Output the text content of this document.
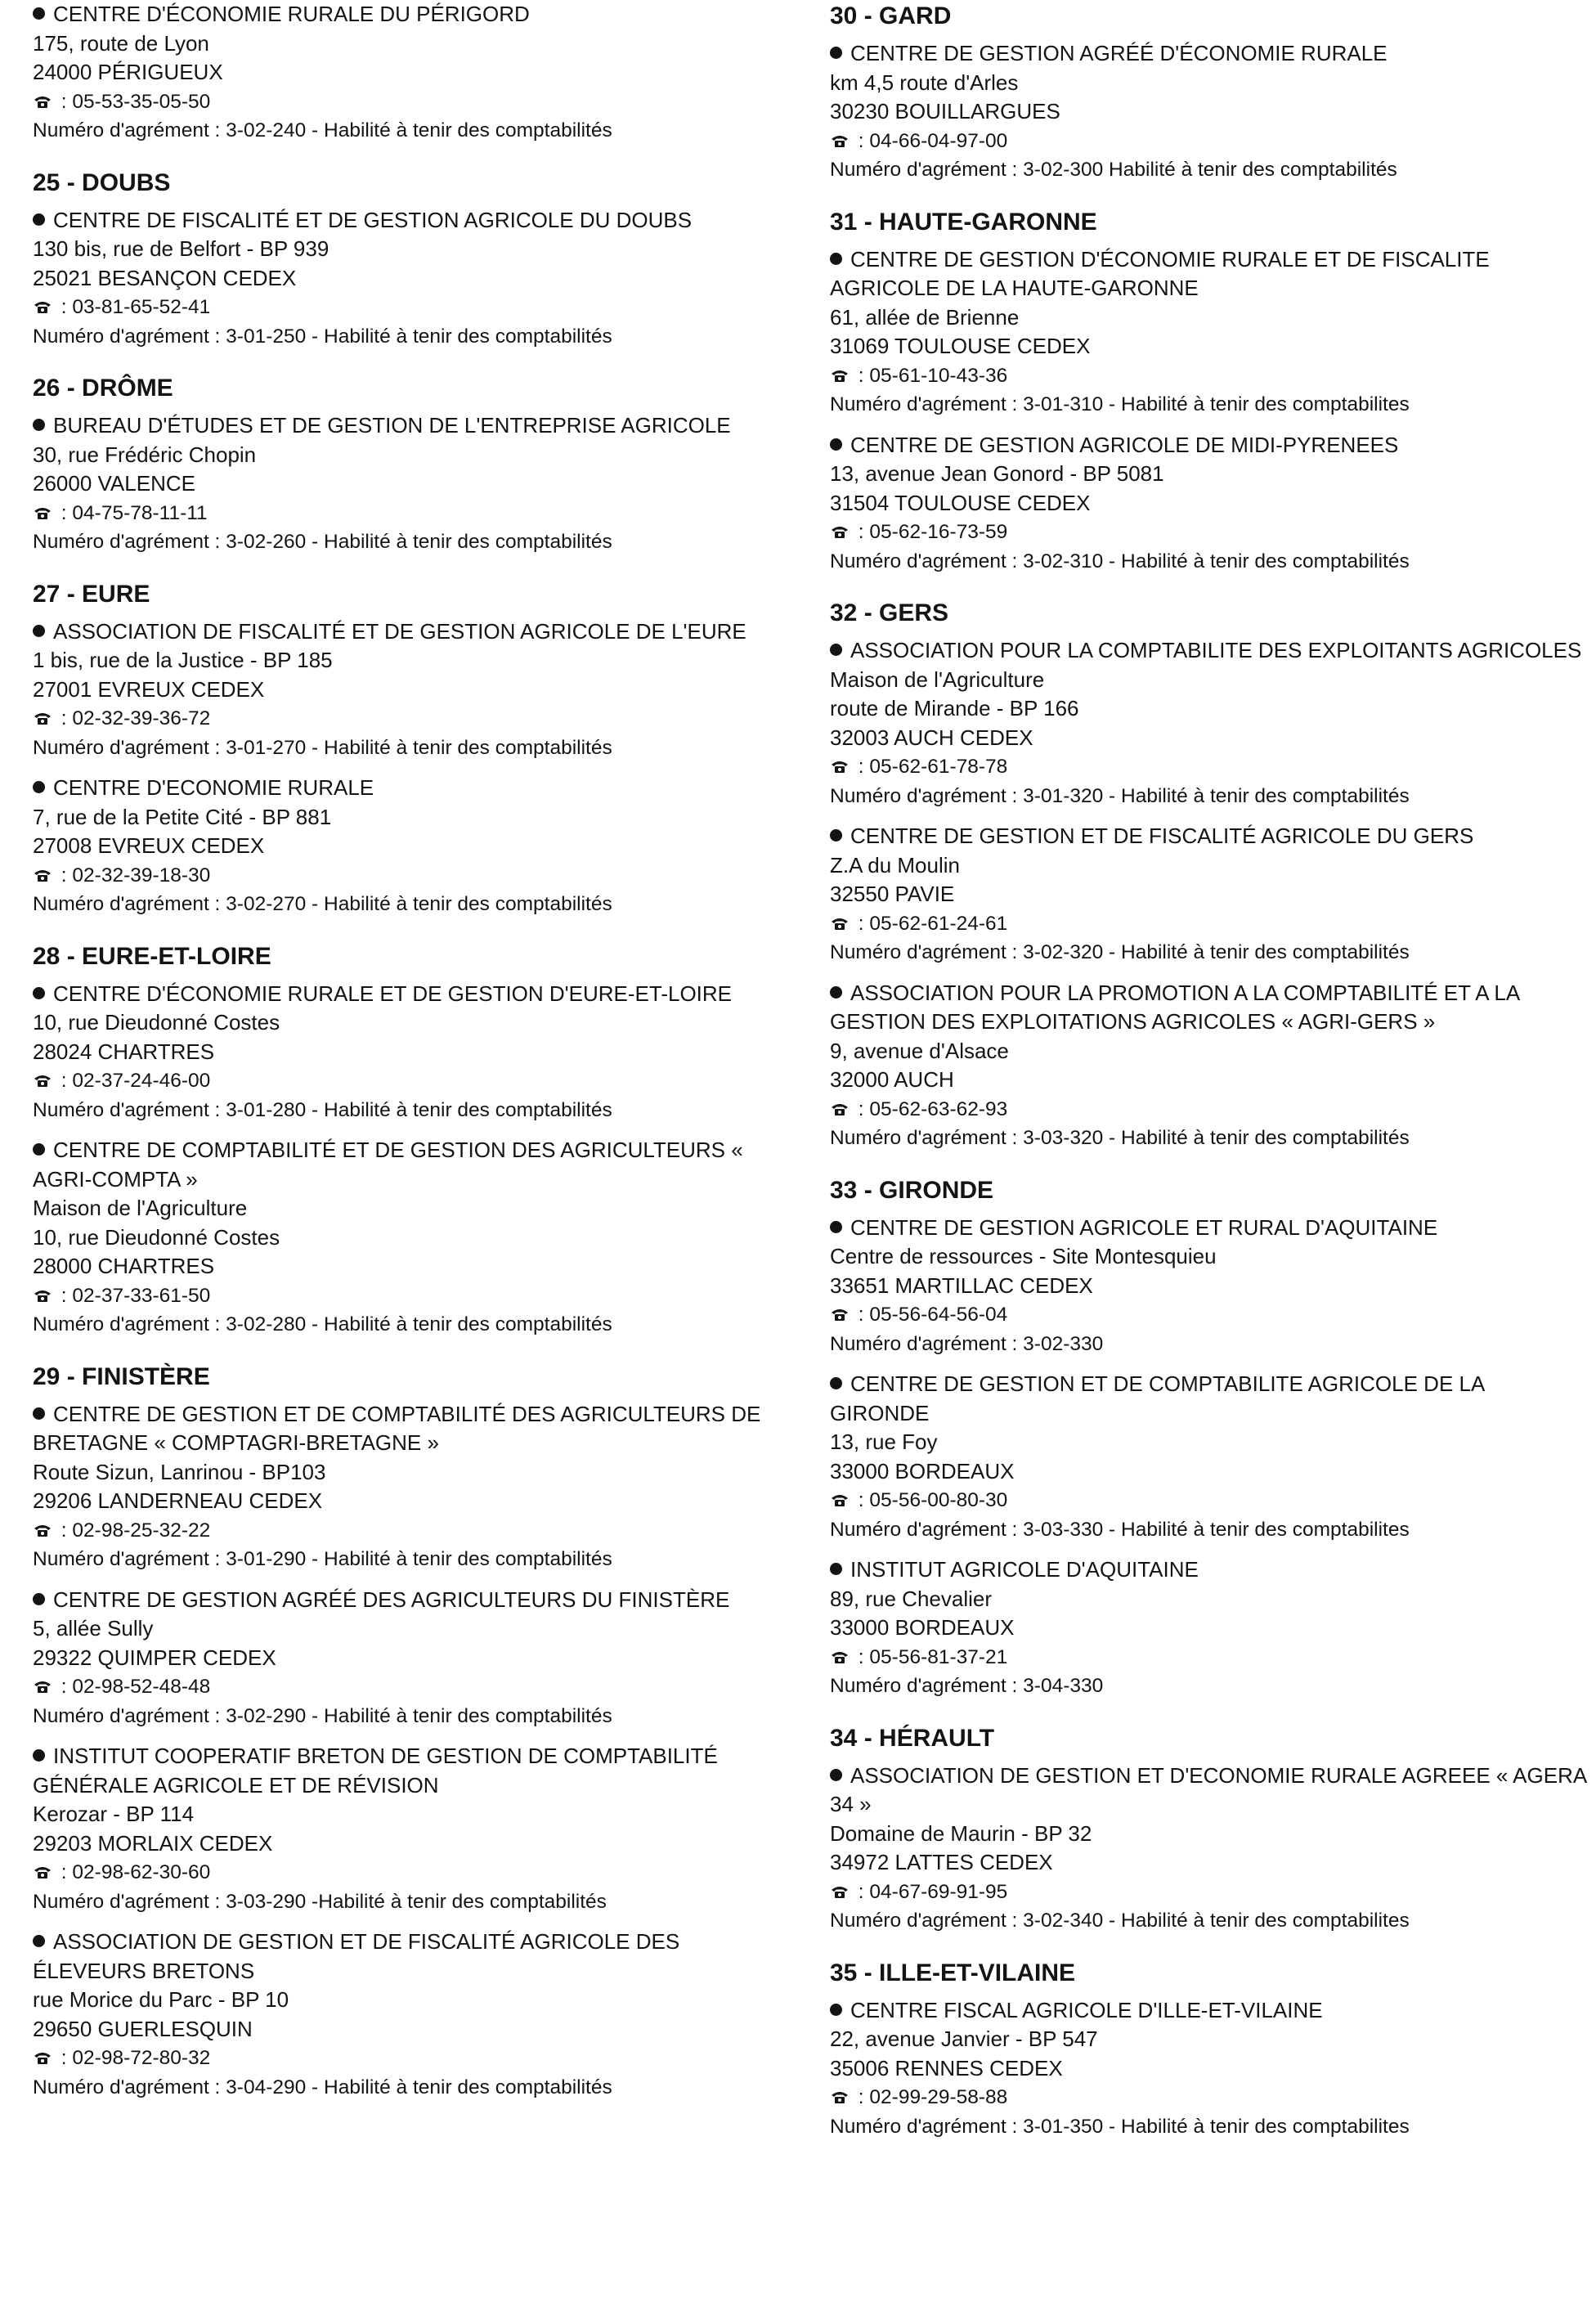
CENTRE D'ÉCONOMIE RURALE DU PÉRIGORD
175, route de Lyon
24000 PÉRIGUEUX
: 05-53-35-05-50
Numéro d'agrément : 3-02-240 - Habilité à tenir des comptabilités
25 - DOUBS
CENTRE DE FISCALITÉ ET DE GESTION AGRICOLE DU DOUBS
130 bis, rue de Belfort - BP 939
25021 BESANÇON CEDEX
: 03-81-65-52-41
Numéro d'agrément : 3-01-250 - Habilité à tenir des comptabilités
26 - DRÔME
BUREAU D'ÉTUDES ET DE GESTION DE L'ENTREPRISE AGRICOLE
30, rue Frédéric Chopin
26000 VALENCE
: 04-75-78-11-11
Numéro d'agrément : 3-02-260 - Habilité à tenir des comptabilités
27 - EURE
ASSOCIATION DE FISCALITÉ ET DE GESTION AGRICOLE DE L'EURE
1 bis, rue de la Justice - BP 185
27001 EVREUX CEDEX
: 02-32-39-36-72
Numéro d'agrément : 3-01-270 - Habilité à tenir des comptabilités
CENTRE D'ECONOMIE RURALE
7, rue de la Petite Cité - BP 881
27008 EVREUX CEDEX
: 02-32-39-18-30
Numéro d'agrément : 3-02-270 - Habilité à tenir des comptabilités
28 - EURE-ET-LOIRE
CENTRE D'ÉCONOMIE RURALE ET DE GESTION D'EURE-ET-LOIRE
10, rue Dieudonné Costes
28024 CHARTRES
: 02-37-24-46-00
Numéro d'agrément : 3-01-280 - Habilité à tenir des comptabilités
CENTRE DE COMPTABILITÉ ET DE GESTION DES AGRICULTEURS « AGRI-COMPTA »
Maison de l'Agriculture
10, rue Dieudonné Costes
28000 CHARTRES
: 02-37-33-61-50
Numéro d'agrément : 3-02-280 - Habilité à tenir des comptabilités
29 - FINISTÈRE
CENTRE DE GESTION ET DE COMPTABILITÉ DES AGRICULTEURS DE BRETAGNE « COMPTAGRI-BRETAGNE »
Route Sizun, Lanrinou - BP103
29206 LANDERNEAU CEDEX
: 02-98-25-32-22
Numéro d'agrément : 3-01-290 - Habilité à tenir des comptabilités
CENTRE DE GESTION AGRÉÉ DES AGRICULTEURS DU FINISTÈRE
5, allée Sully
29322 QUIMPER CEDEX
: 02-98-52-48-48
Numéro d'agrément : 3-02-290 - Habilité à tenir des comptabilités
INSTITUT COOPERATIF BRETON DE GESTION DE COMPTABILITÉ GÉNÉRALE AGRICOLE ET DE RÉVISION
Kerozar - BP 114
29203 MORLAIX CEDEX
: 02-98-62-30-60
Numéro d'agrément : 3-03-290 -Habilité à tenir des comptabilités
ASSOCIATION DE GESTION ET DE FISCALITÉ AGRICOLE DES ÉLEVEURS BRETONS
rue Morice du Parc - BP 10
29650 GUERLESQUIN
: 02-98-72-80-32
Numéro d'agrément : 3-04-290 - Habilité à tenir des comptabilités
30 - GARD
CENTRE DE GESTION AGRÉÉ D'ÉCONOMIE RURALE
km 4,5 route d'Arles
30230 BOUILLARGUES
: 04-66-04-97-00
Numéro d'agrément : 3-02-300 Habilité à tenir des comptabilités
31 - HAUTE-GARONNE
CENTRE DE GESTION D'ÉCONOMIE RURALE ET DE FISCALITE AGRICOLE DE LA HAUTE-GARONNE
61, allée de Brienne
31069 TOULOUSE CEDEX
: 05-61-10-43-36
Numéro d'agrément : 3-01-310 - Habilité à tenir des comptabilites
CENTRE DE GESTION AGRICOLE DE MIDI-PYRENEES
13, avenue Jean Gonord - BP 5081
31504 TOULOUSE CEDEX
: 05-62-16-73-59
Numéro d'agrément : 3-02-310 - Habilité à tenir des comptabilités
32 - GERS
ASSOCIATION POUR LA COMPTABILITE DES EXPLOITANTS AGRICOLES
Maison de l'Agriculture
route de Mirande - BP 166
32003 AUCH CEDEX
: 05-62-61-78-78
Numéro d'agrément : 3-01-320 - Habilité à tenir des comptabilités
CENTRE DE GESTION ET DE FISCALITÉ AGRICOLE DU GERS
Z.A du Moulin
32550 PAVIE
: 05-62-61-24-61
Numéro d'agrément : 3-02-320 - Habilité à tenir des comptabilités
ASSOCIATION POUR LA PROMOTION A LA COMPTABILITÉ ET A LA GESTION DES EXPLOITATIONS AGRICOLES « AGRI-GERS »
9, avenue d'Alsace
32000 AUCH
: 05-62-63-62-93
Numéro d'agrément : 3-03-320 - Habilité à tenir des comptabilités
33 - GIRONDE
CENTRE DE GESTION AGRICOLE ET RURAL D'AQUITAINE
Centre de ressources - Site Montesquieu
33651 MARTILLAC CEDEX
: 05-56-64-56-04
Numéro d'agrément : 3-02-330
CENTRE DE GESTION ET DE COMPTABILITE AGRICOLE DE LA GIRONDE
13, rue Foy
33000 BORDEAUX
: 05-56-00-80-30
Numéro d'agrément : 3-03-330 - Habilité à tenir des comptabilites
INSTITUT AGRICOLE D'AQUITAINE
89, rue Chevalier
33000 BORDEAUX
: 05-56-81-37-21
Numéro d'agrément : 3-04-330
34 - HÉRAULT
ASSOCIATION DE GESTION ET D'ECONOMIE RURALE AGREEE « AGERA 34 »
Domaine de Maurin - BP 32
34972 LATTES CEDEX
: 04-67-69-91-95
Numéro d'agrément : 3-02-340 - Habilité à tenir des comptabilites
35 - ILLE-ET-VILAINE
CENTRE FISCAL AGRICOLE D'ILLE-ET-VILAINE
22, avenue Janvier - BP 547
35006 RENNES CEDEX
: 02-99-29-58-88
Numéro d'agrément : 3-01-350 - Habilité à tenir des comptabilites
